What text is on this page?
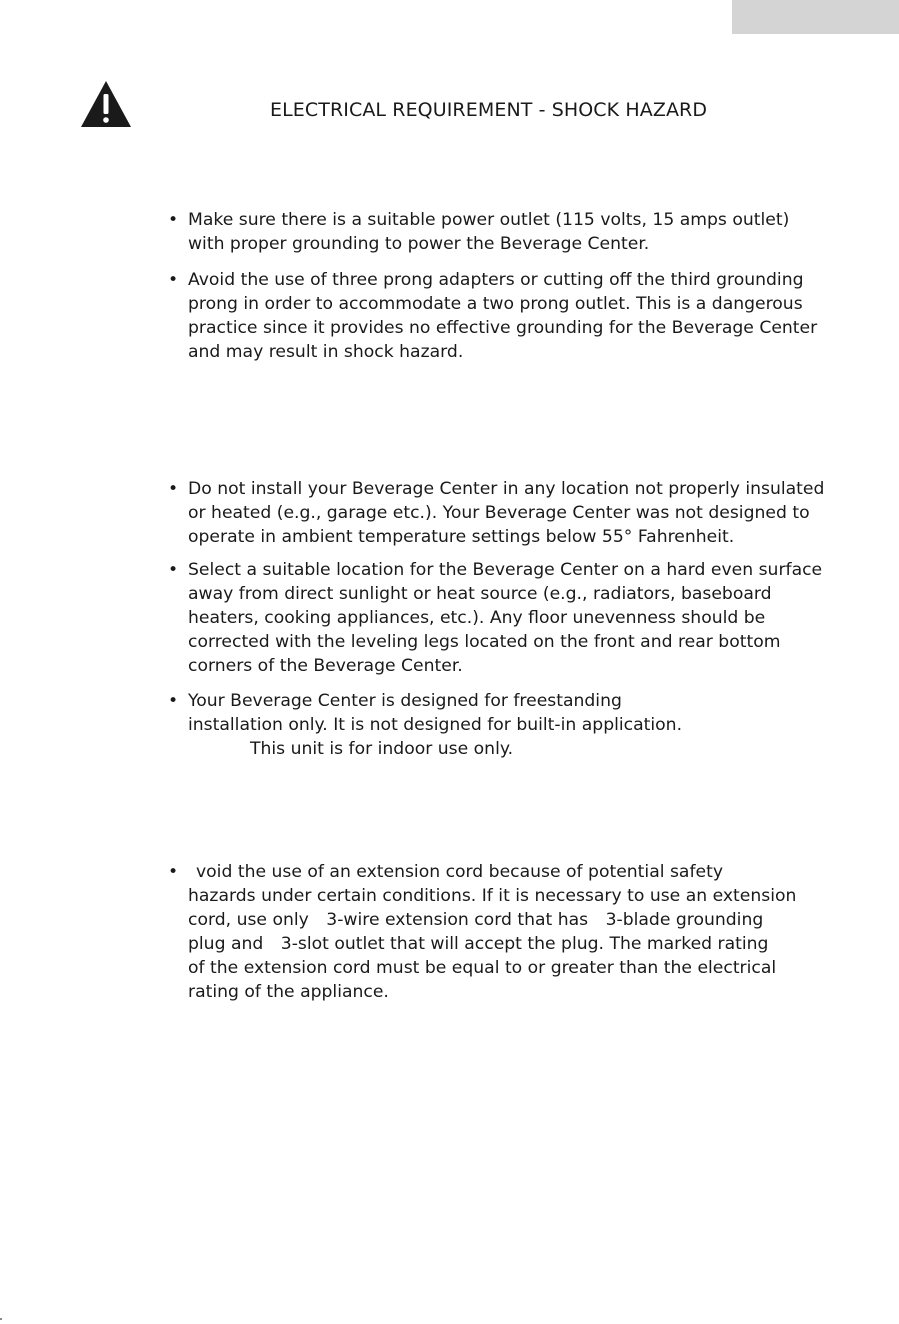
ELECTRICAL REQUIREMENT - SHOCK HAZARD
• Make sure there is a suitable power outlet (115 volts, 15 amps outlet)
with proper grounding to power the Beverage Center.
• Avoid the use of three prong adapters or cutting off the third grounding
prong in order to accommodate a two prong outlet. This is a dangerous
practice since it provides no effective grounding for the Beverage Center
and may result in shock hazard.
• Do not install your Beverage Center in any location not properly insulated
or heated (e.g., garage etc.). Your Beverage Center was not designed to
operate in ambient temperature settings below 55° Fahrenheit.
• Select a suitable location for the Beverage Center on a hard even surface
away from direct sunlight or heat source (e.g., radiators, baseboard
heaters, cooking appliances, etc.). Any floor unevenness should be
corrected with the leveling legs located on the front and rear bottom
corners of the Beverage Center.
• Your Beverage Center is designed for freestanding
installation only. It is not designed for built-in application.
This unit is for indoor use only.
•	void the use of an extension cord because of potential safety
hazards under certain conditions. If it is necessary to use an extension
cord, use only 3-wire extension cord that has 3-blade grounding
plug and 3-slot outlet that will accept the plug. The marked rating
of the extension cord must be equal to or greater than the electrical
rating of the appliance.
